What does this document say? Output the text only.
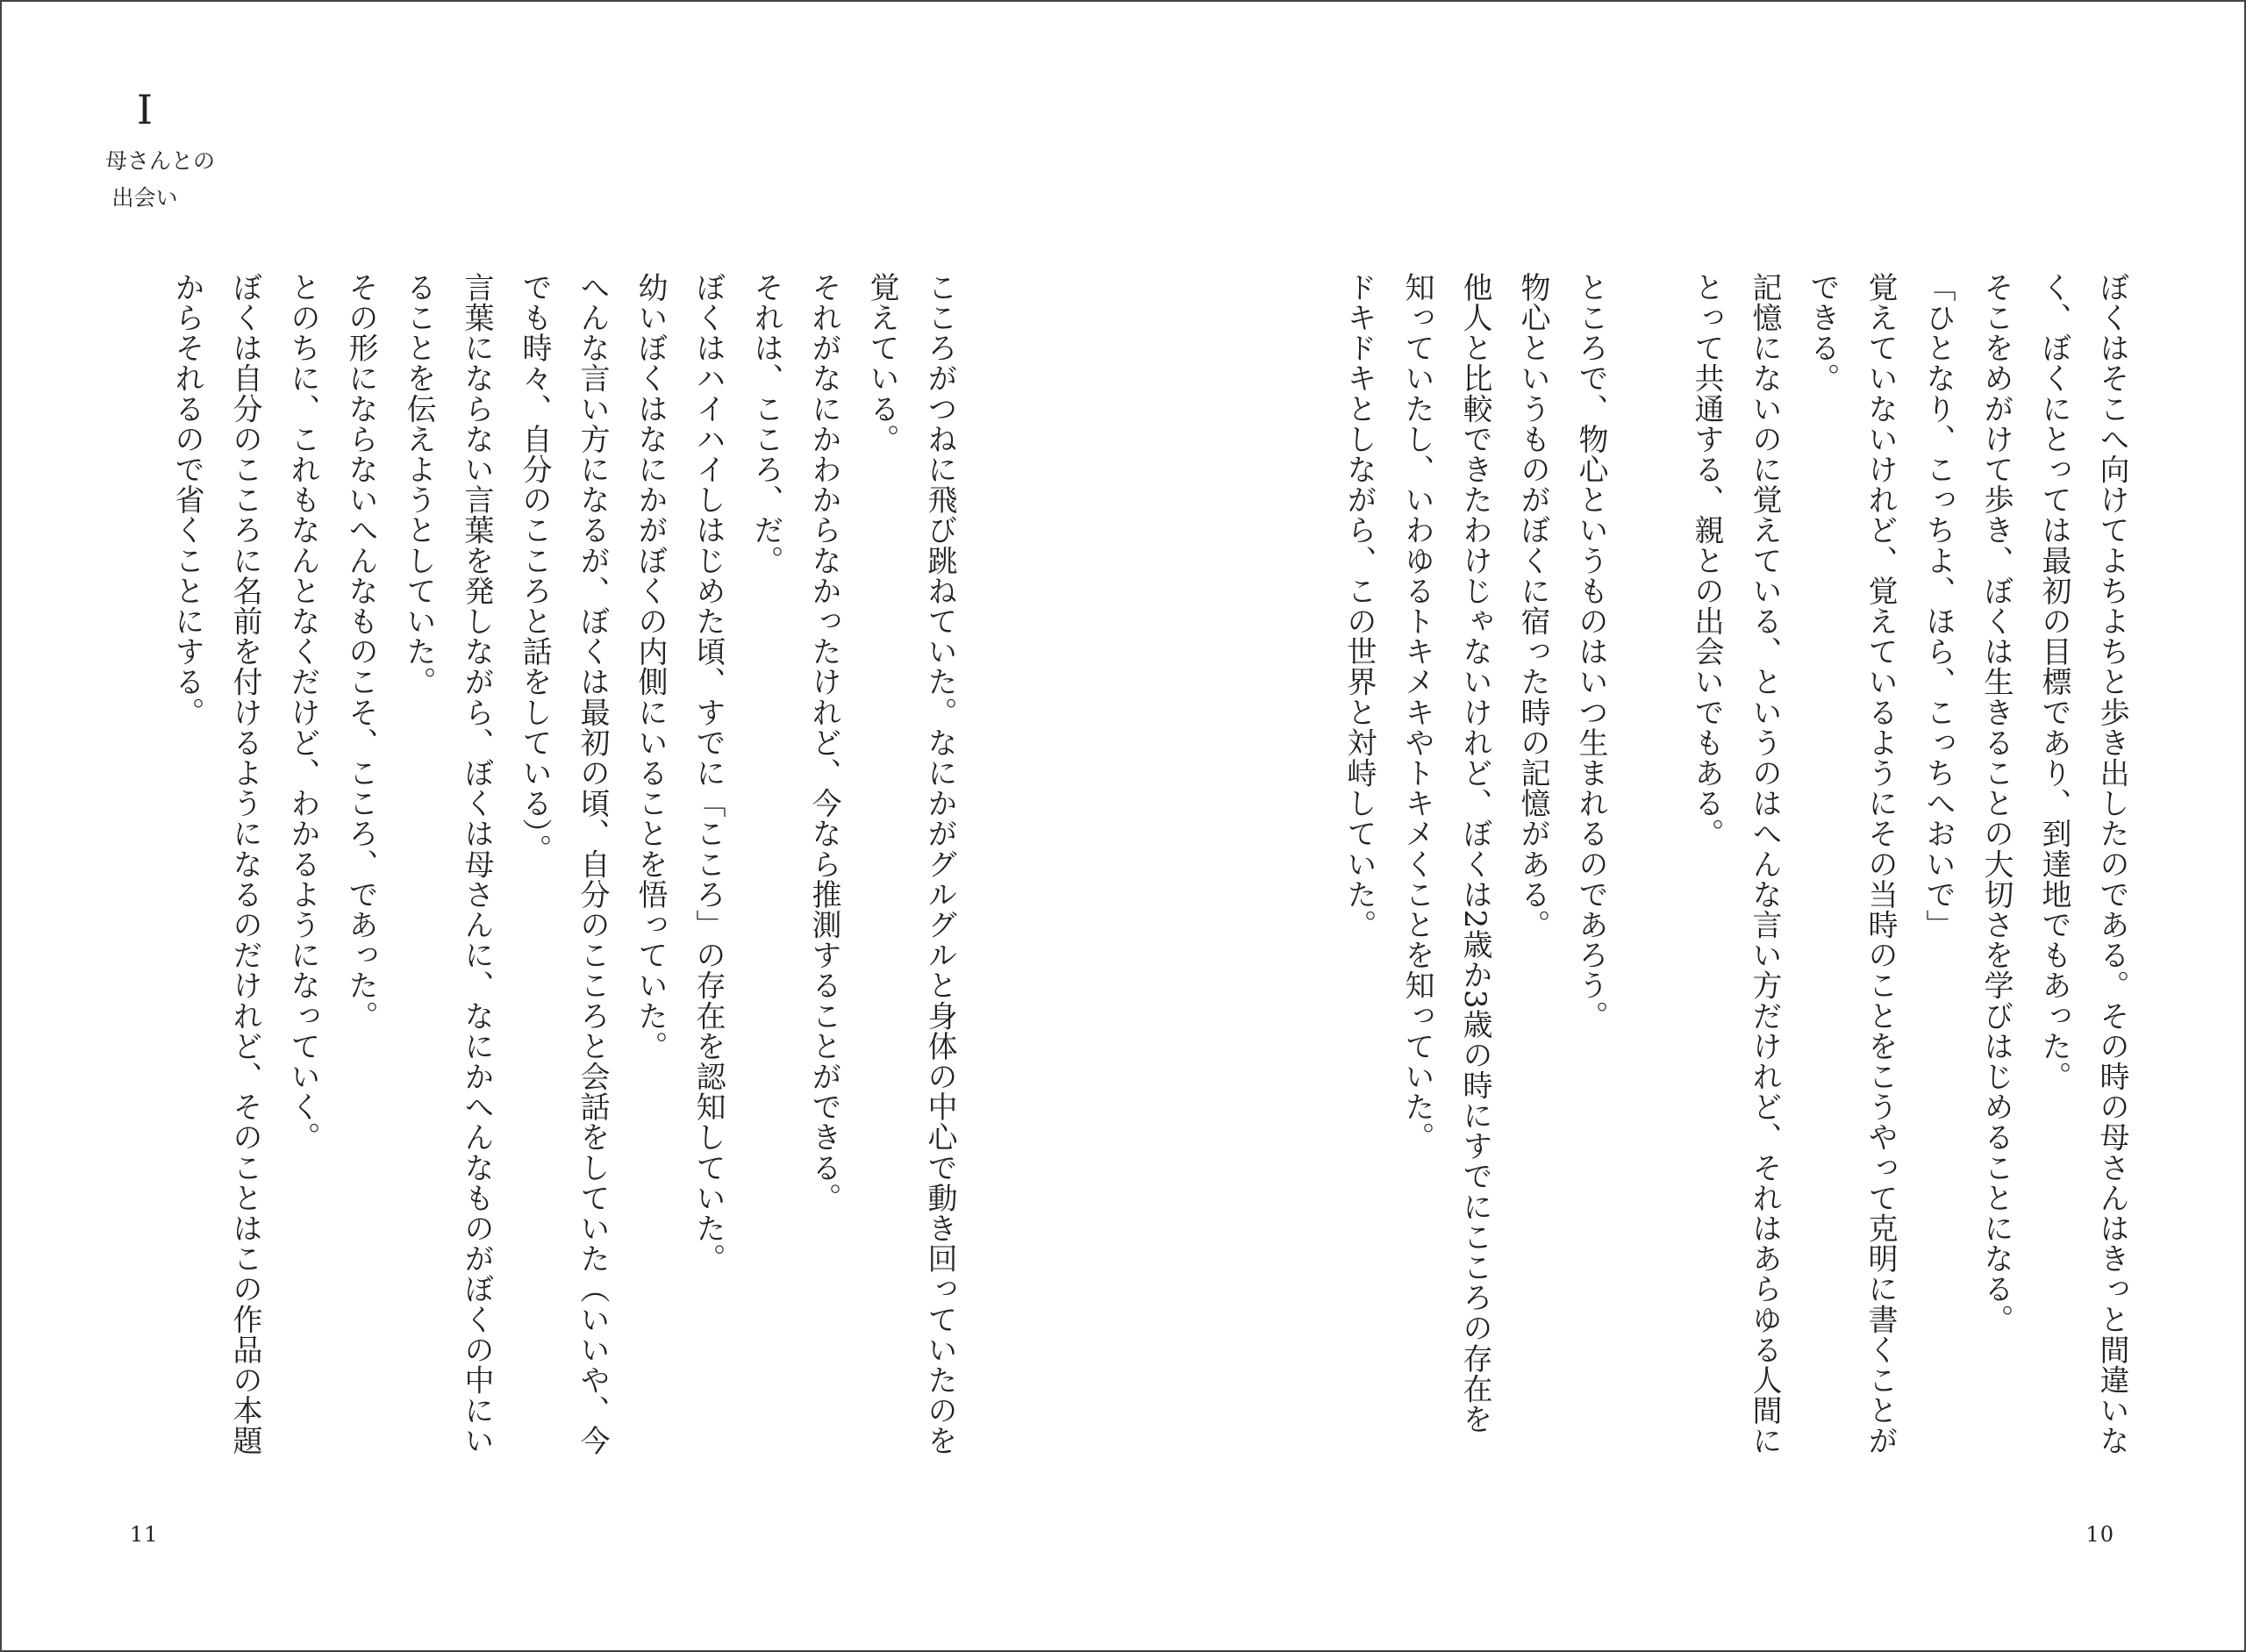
I
母さんとの
出会い
ぼくはそこへ向けてよちよちと歩き出したのである。その時の母さんはきっと間違いな
く、ぼくにとっては最初の目標であり、到達地でもあった。
そこをめがけて歩き、ぼくは生きることの大切さを学びはじめることになる。
「ひとなり、こっちよ、ほら、こっちへおいで」
覚えていないけれど、覚えているようにその当時のことをこうやって克明に書くことが
できる。
記憶にないのに覚えている、というのはへんな言い方だけれど、それはあらゆる人間に
とって共通する、親との出会いでもある。

ところで、物心というものはいつ生まれるのであろう。
物心というものがぼくに宿った時の記憶がある。
他人と比較できたわけじゃないけれど、ぼくは2歳か3歳の時にすでにこころの存在を
知っていたし、いわゆるトキメキやトキメくことを知っていた。
ドキドキとしながら、この世界と対峙していた。

こころがつねに飛び跳ねていた。なにかがグルグルと身体の中心で動き回っていたのを
覚えている。
それがなにかわからなかったけれど、今なら推測することができる。
それは、こころ、だ。
ぼくはハイハイしはじめた頃、すでに「こころ」の存在を認知していた。
幼いぼくはなにかがぼくの内側にいることを悟っていた。
へんな言い方になるが、ぼくは最初の頃、自分のこころと会話をしていた（いいや、今
でも時々、自分のこころと話をしている）。
言葉にならない言葉を発しながら、ぼくは母さんに、なにかへんなものがぼくの中にい
ることを伝えようとしていた。
その形にならないへんなものこそ、こころ、であった。
とのちに、これもなんとなくだけど、わかるようになっていく。
ぼくは自分のこころに名前を付けるようになるのだけれど、そのことはこの作品の本題
からそれるので省くことにする。
10
11
